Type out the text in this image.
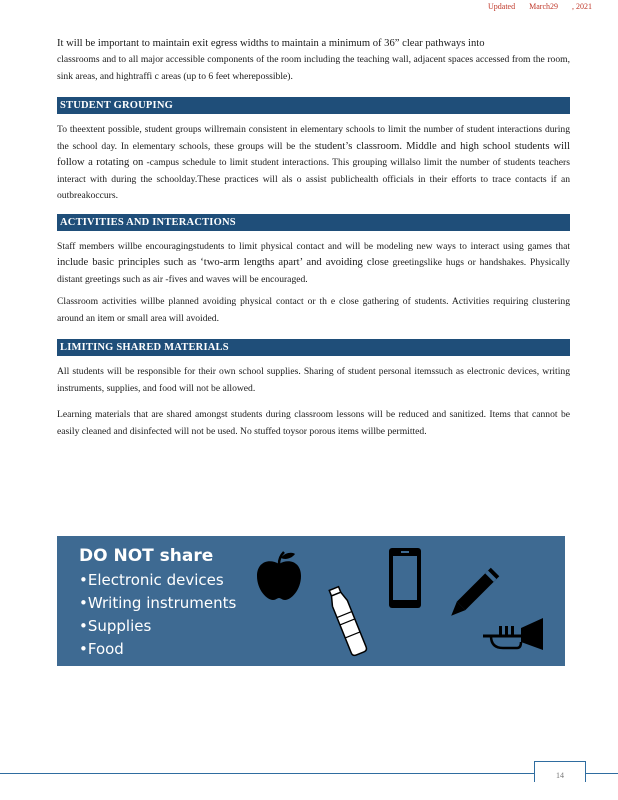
Updated March29 , 2021

It will be important to maintain exit egress widths to maintain a minimum of 36” clear pathways into

classrooms and to all major accessible components of the room including the teaching wall, adjacent spaces accessed from the room, sink areas, and hightraffi c areas (up to 6 feet wherepossible).

STUDENT GROUPING

To theextent possible, student groups willremain consistent in elementary schools to limit the number of student interactions during the school day. In elementary schools, these groups will be the student’s classroom. Middle and high school students will follow a rotating on -campus schedule to limit student interactions. This grouping willalso limit the number of students teachers interact with during the schoolday.These practices will als o assist publichealth officials in their efforts to trace contacts if an outbreakoccurs.

ACTIVITIES AND INTERACTIONS

Staff members willbe encouragingstudents to limit physical contact and will be modeling new ways to interact using games that include basic principles such as ‘two-arm lengths apart’ and avoiding close greetingslike hugs or handshakes. Physically distant greetings such as air -fives and waves will be encouraged.

Classroom activities willbe planned avoiding physical contact or th e close gathering of students. Activities requiring clustering around an item or small area will avoided.

LIMITING SHARED MATERIALS

All students will be responsible for their own school supplies. Sharing of student personal itemssuch as electronic devices, writing instruments, supplies, and food will not be allowed.

Learning materials that are shared amongst students during classroom lessons will be reduced and sanitized. Items that cannot be easily cleaned and disinfected will not be used. No stuffed toysor porous items willbe permitted.

DO NOT share

• Electronic devices

• Writing instruments

• Supplies

• Food

14
